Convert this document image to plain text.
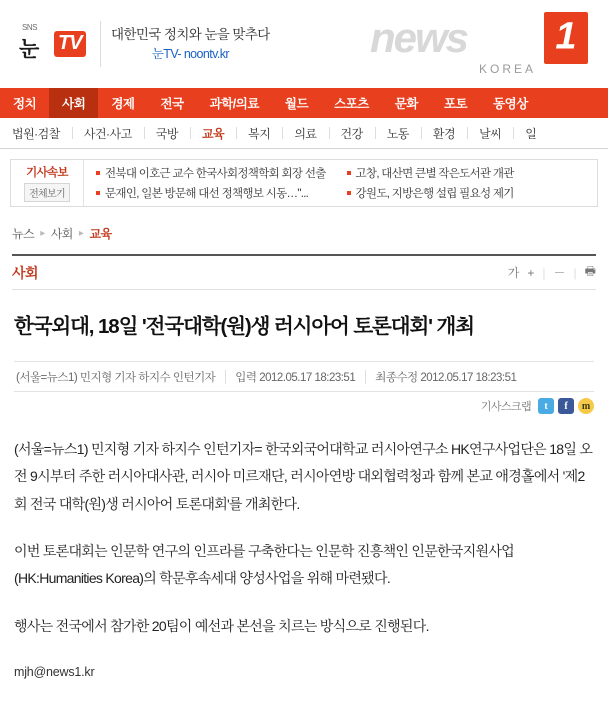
SNS
눈 TV 대한민국 정치와 눈을 맞추다
눈TV- noontv.kr	news 1
KOREA
정치	사회	경제	전국	과학/의료	월드	스포츠	문화	포토	동영상
법원·검찰	사건·사고	국방	교육	복지	의료	건강	노동	환경	날씨	일
기사속보
전체보기
전북대 이호근 교수 한국사회정책학회 회장 선출
문재인, 일본 방문해 대선 정책행보 시동…"...
고창, 대산면 큰별 작은도서관 개관
강원도, 지방은행 설립 필요성 제기
뉴스 ▸ 사회 ▸ 교육
사회	가 + | － | 🖶
한국외대, 18일 '전국대학(원)생 러시아어 토론대회' 개최
(서울=뉴스1) 민지형 기자 하지수 인턴기자	입력 2012.05.17 18:23:51	최종수정 2012.05.17 18:23:51
기사스크랩	t	f	m

(서울=뉴스1) 민지형 기자 하지수 인턴기자= 한국외국어대학교 러시아연구소 HK연구사업단은 18일 오전 9시부터 주한 러시아대사관, 러시아 미르재단, 러시아연방 대외협력청과 함께 본교 애경홀에서 '제2회 전국 대학(원)생 러시아어 토론대회'를 개최한다.

이번 토론대회는 인문학 연구의 인프라를 구축한다는 인문학 진흥책인 인문한국지원사업(HK:Humanities Korea)의 학문후속세대 양성사업을 위해 마련됐다.

행사는 전국에서 참가한 20팀이 예선과 본선을 치르는 방식으로 진행된다.

mjh@news1.kr
